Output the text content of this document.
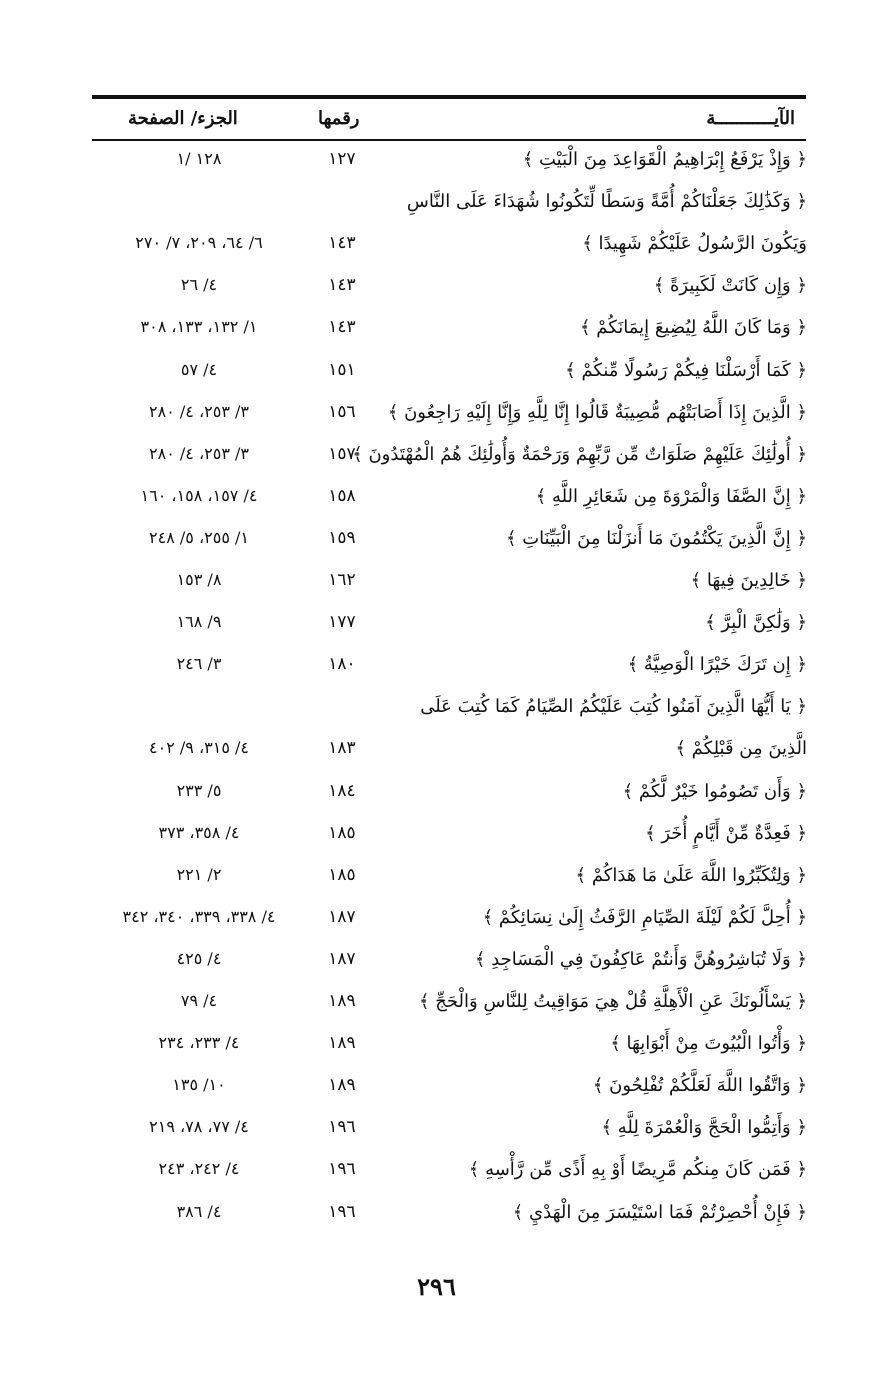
الآيـــــــــــة
رقمها
الجزء/ الصفحة
﴿ وَإِذْ يَرْفَعُ إِبْرَاهِيمُ الْقَوَاعِدَ مِنَ الْبَيْتِ ﴾
١٢٧
١٢٨ /١
﴿ وَكَذَٰلِكَ جَعَلْنَاكُمْ أُمَّةً وَسَطًا لِّتَكُونُوا شُهَدَاءَ عَلَى النَّاسِ
وَيَكُونَ الرَّسُولُ عَلَيْكُمْ شَهِيدًا ﴾
١٤٣
٦/ ٦٤، ٢٠٩، ٧/ ٢٧٠
﴿ وَإِن كَانَتْ لَكَبِيرَةً ﴾
١٤٣
٤/ ٢٦
﴿ وَمَا كَانَ اللَّهُ لِيُضِيعَ إِيمَانَكُمْ ﴾
١٤٣
١/ ١٣٢، ١٣٣، ٣٠٨
﴿ كَمَا أَرْسَلْنَا فِيكُمْ رَسُولًا مِّنكُمْ ﴾
١٥١
٤/ ٥٧
﴿ الَّذِينَ إِذَا أَصَابَتْهُم مُّصِيبَةٌ قَالُوا إِنَّا لِلَّهِ وَإِنَّا إِلَيْهِ رَاجِعُونَ ﴾
١٥٦
٣/ ٢٥٣، ٤/ ٢٨٠
﴿ أُولَٰئِكَ عَلَيْهِمْ صَلَوَاتٌ مِّن رَّبِّهِمْ وَرَحْمَةٌ وَأُولَٰئِكَ هُمُ الْمُهْتَدُونَ ﴾
١٥٧
٣/ ٢٥٣، ٤/ ٢٨٠
﴿ إِنَّ الصَّفَا وَالْمَرْوَةَ مِن شَعَائِرِ اللَّهِ ﴾
١٥٨
٤/ ١٥٧، ١٥٨، ١٦٠
﴿ إِنَّ الَّذِينَ يَكْتُمُونَ مَا أَنزَلْنَا مِنَ الْبَيِّنَاتِ ﴾
١٥٩
١/ ٢٥٥، ٥/ ٢٤٨
﴿ خَالِدِينَ فِيهَا ﴾
١٦٢
٨/ ١٥٣
﴿ وَلَٰكِنَّ الْبِرَّ ﴾
١٧٧
٩/ ١٦٨
﴿ إِن تَرَكَ خَيْرًا الْوَصِيَّةُ ﴾
١٨٠
٣/ ٢٤٦
﴿ يَا أَيُّهَا الَّذِينَ آمَنُوا كُتِبَ عَلَيْكُمُ الصِّيَامُ كَمَا كُتِبَ عَلَى
الَّذِينَ مِن قَبْلِكُمْ ﴾
١٨٣
٤/ ٣١٥، ٩/ ٤٠٢
﴿ وَأَن تَصُومُوا خَيْرٌ لَّكُمْ ﴾
١٨٤
٥/ ٢٣٣
﴿ فَعِدَّةٌ مِّنْ أَيَّامٍ أُخَرَ ﴾
١٨٥
٤/ ٣٥٨، ٣٧٣
﴿ وَلِتُكَبِّرُوا اللَّهَ عَلَىٰ مَا هَدَاكُمْ ﴾
١٨٥
٢/ ٢٢١
﴿ أُحِلَّ لَكُمْ لَيْلَةَ الصِّيَامِ الرَّفَثُ إِلَىٰ نِسَائِكُمْ ﴾
١٨٧
٤/ ٣٣٨، ٣٣٩، ٣٤٠، ٣٤٢
﴿ وَلَا تُبَاشِرُوهُنَّ وَأَنتُمْ عَاكِفُونَ فِي الْمَسَاجِدِ ﴾
١٨٧
٤/ ٤٢٥
﴿ يَسْأَلُونَكَ عَنِ الْأَهِلَّةِ قُلْ هِيَ مَوَاقِيتُ لِلنَّاسِ وَالْحَجِّ ﴾
١٨٩
٤/ ٧٩
﴿ وَأْتُوا الْبُيُوتَ مِنْ أَبْوَابِهَا ﴾
١٨٩
٤/ ٢٣٣، ٢٣٤
﴿ وَاتَّقُوا اللَّهَ لَعَلَّكُمْ تُفْلِحُونَ ﴾
١٨٩
١٠/ ١٣٥
﴿ وَأَتِمُّوا الْحَجَّ وَالْعُمْرَةَ لِلَّهِ ﴾
١٩٦
٤/ ٧٧، ٧٨، ٢١٩
﴿ فَمَن كَانَ مِنكُم مَّرِيضًا أَوْ بِهِ أَذًى مِّن رَّأْسِهِ ﴾
١٩٦
٤/ ٢٤٢، ٢٤٣
﴿ فَإِنْ أُحْصِرْتُمْ فَمَا اسْتَيْسَرَ مِنَ الْهَدْيِ ﴾
١٩٦
٤/ ٣٨٦
٢٩٦
